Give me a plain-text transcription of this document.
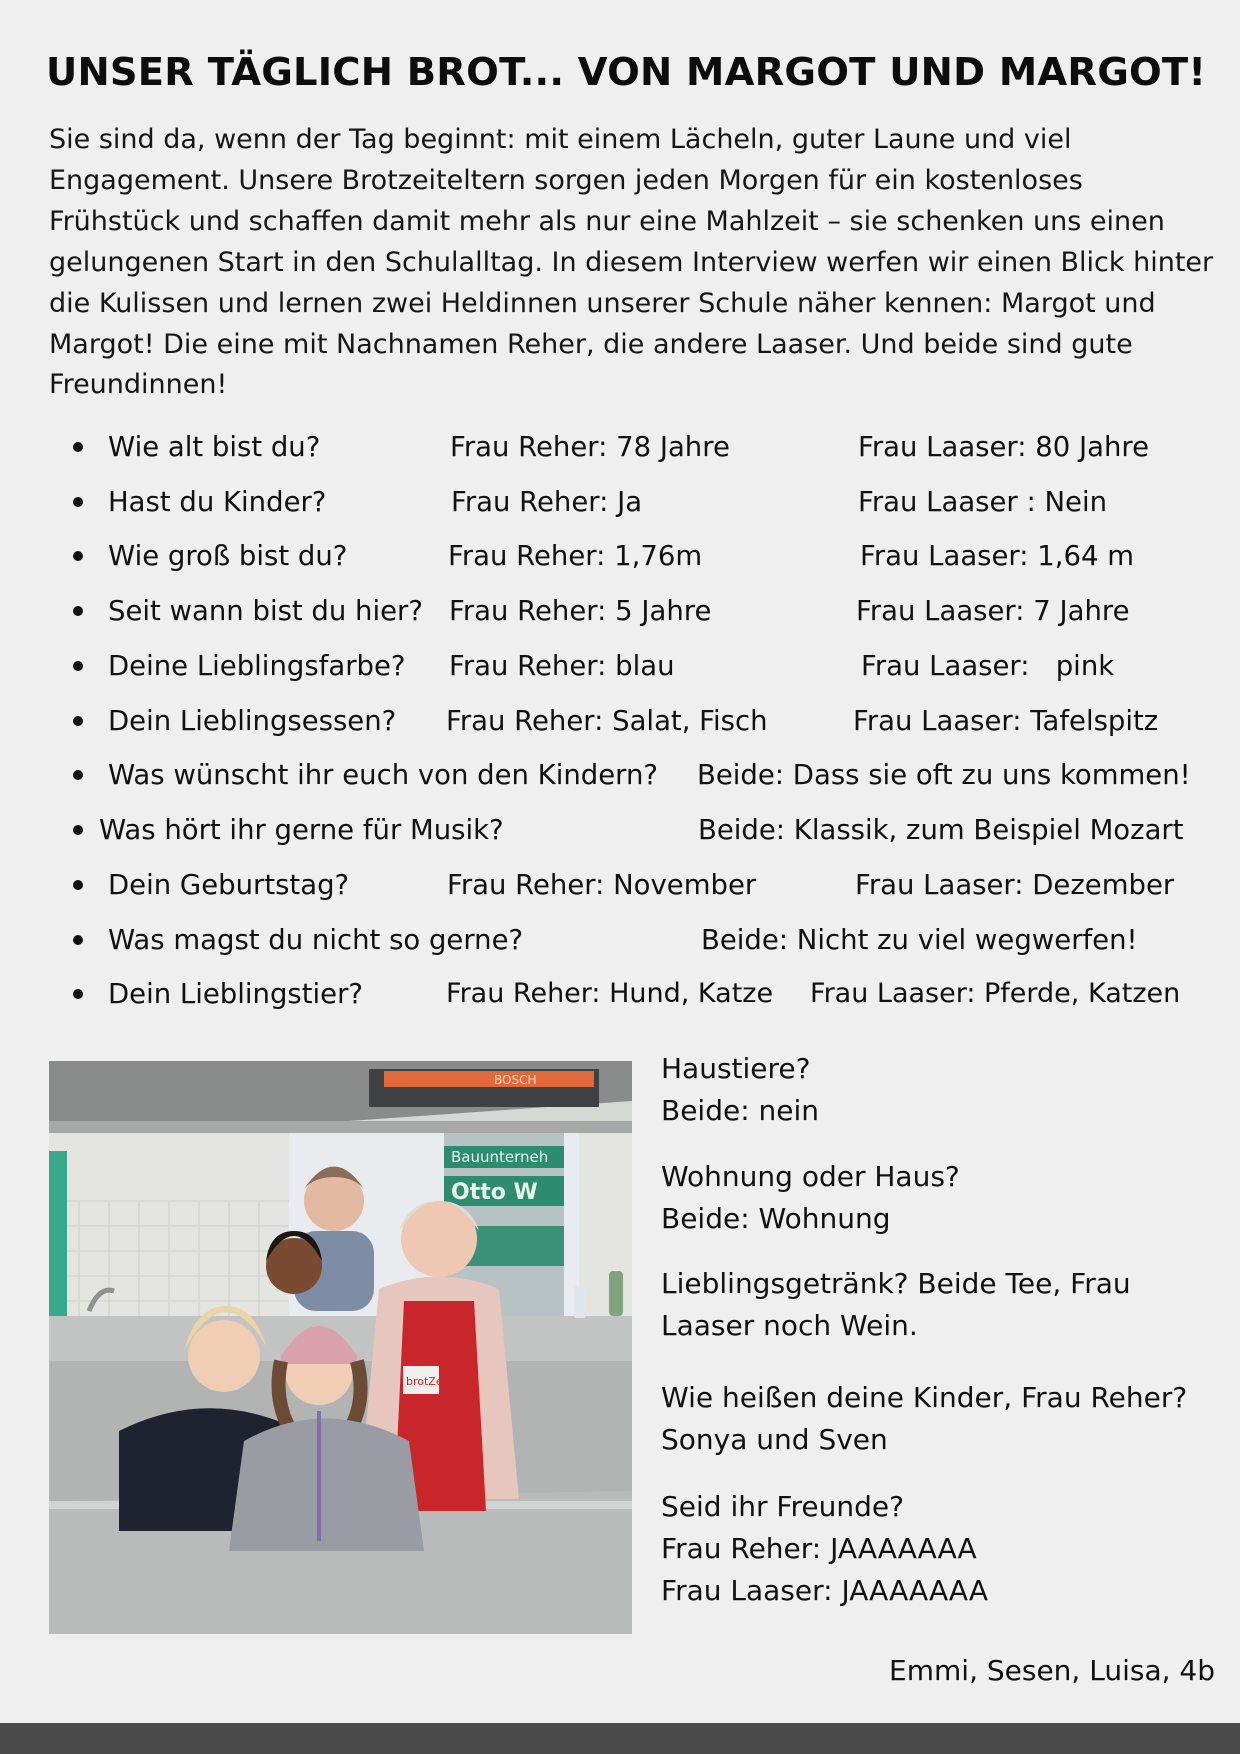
UNSER TÄGLICH BROT... VON MARGOT UND MARGOT!

Sie sind da, wenn der Tag beginnt: mit einem Lächeln, guter Laune und viel Engagement. Unsere Brotzeiteltern sorgen jeden Morgen für ein kostenloses Frühstück und schaffen damit mehr als nur eine Mahlzeit – sie schenken uns einen gelungenen Start in den Schulalltag. In diesem Interview werfen wir einen Blick hinter die Kulissen und lernen zwei Heldinnen unserer Schule näher kennen: Margot und Margot! Die eine mit Nachnamen Reher, die andere Laaser. Und beide sind gute Freundinnen!

Wie alt bist du?	Frau Reher: 78 Jahre	Frau Laaser: 80 Jahre
Hast du Kinder?	Frau Reher: Ja	Frau Laaser : Nein
Wie groß bist du?	Frau Reher: 1,76m	Frau Laaser: 1,64 m
Seit wann bist du hier? Frau Reher: 5 Jahre	Frau Laaser: 7 Jahre
Deine Lieblingsfarbe? Frau Reher: blau	Frau Laaser:   pink
Dein Lieblingsessen? Frau Reher: Salat, Fisch	Frau Laaser: Tafelspitz
Was wünscht ihr euch von den Kindern? Beide: Dass sie oft zu uns kommen!
Was hört ihr gerne für Musik?	Beide: Klassik, zum Beispiel Mozart
Dein Geburtstag?	Frau Reher: November	Frau Laaser: Dezember
Was magst du nicht so gerne?	Beide: Nicht zu viel wegwerfen!
Dein Lieblingstier?	Frau Reher: Hund, Katze Frau Laaser: Pferde, Katzen
Bauunterneh
Otto W
BOSCH
brotZeit
Haustiere?
Beide: nein
Wohnung oder Haus?
Beide: Wohnung
Lieblingsgetränk? Beide Tee, Frau
Laaser noch Wein.
Wie heißen deine Kinder, Frau Reher?
Sonya und Sven
Seid ihr Freunde?
Frau Reher: JAAAAAAA
Frau Laaser: JAAAAAAA
Emmi, Sesen, Luisa, 4b
